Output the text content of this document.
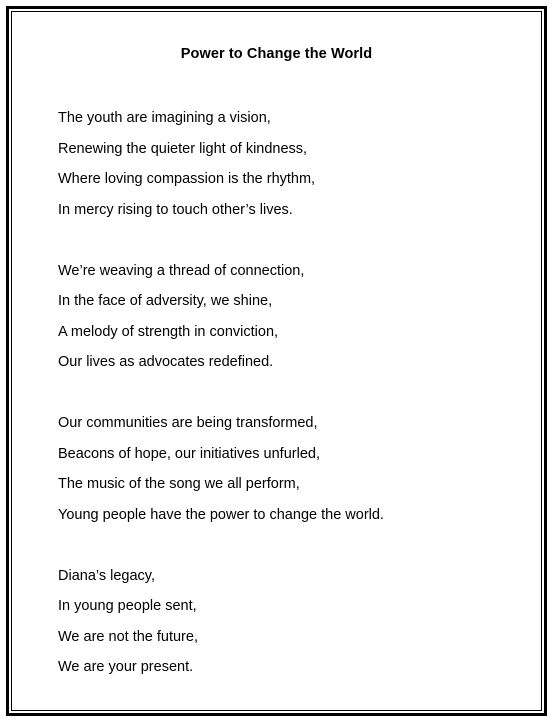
Power to Change the World
The youth are imagining a vision,
Renewing the quieter light of kindness,
Where loving compassion is the rhythm,
In mercy rising to touch other’s lives.
We’re weaving a thread of connection,
In the face of adversity, we shine,
A melody of strength in conviction,
Our lives as advocates redefined.
Our communities are being transformed,
Beacons of hope, our initiatives unfurled,
The music of the song we all perform,
Young people have the power to change the world.
Diana’s legacy,
In young people sent,
We are not the future,
We are your present.
